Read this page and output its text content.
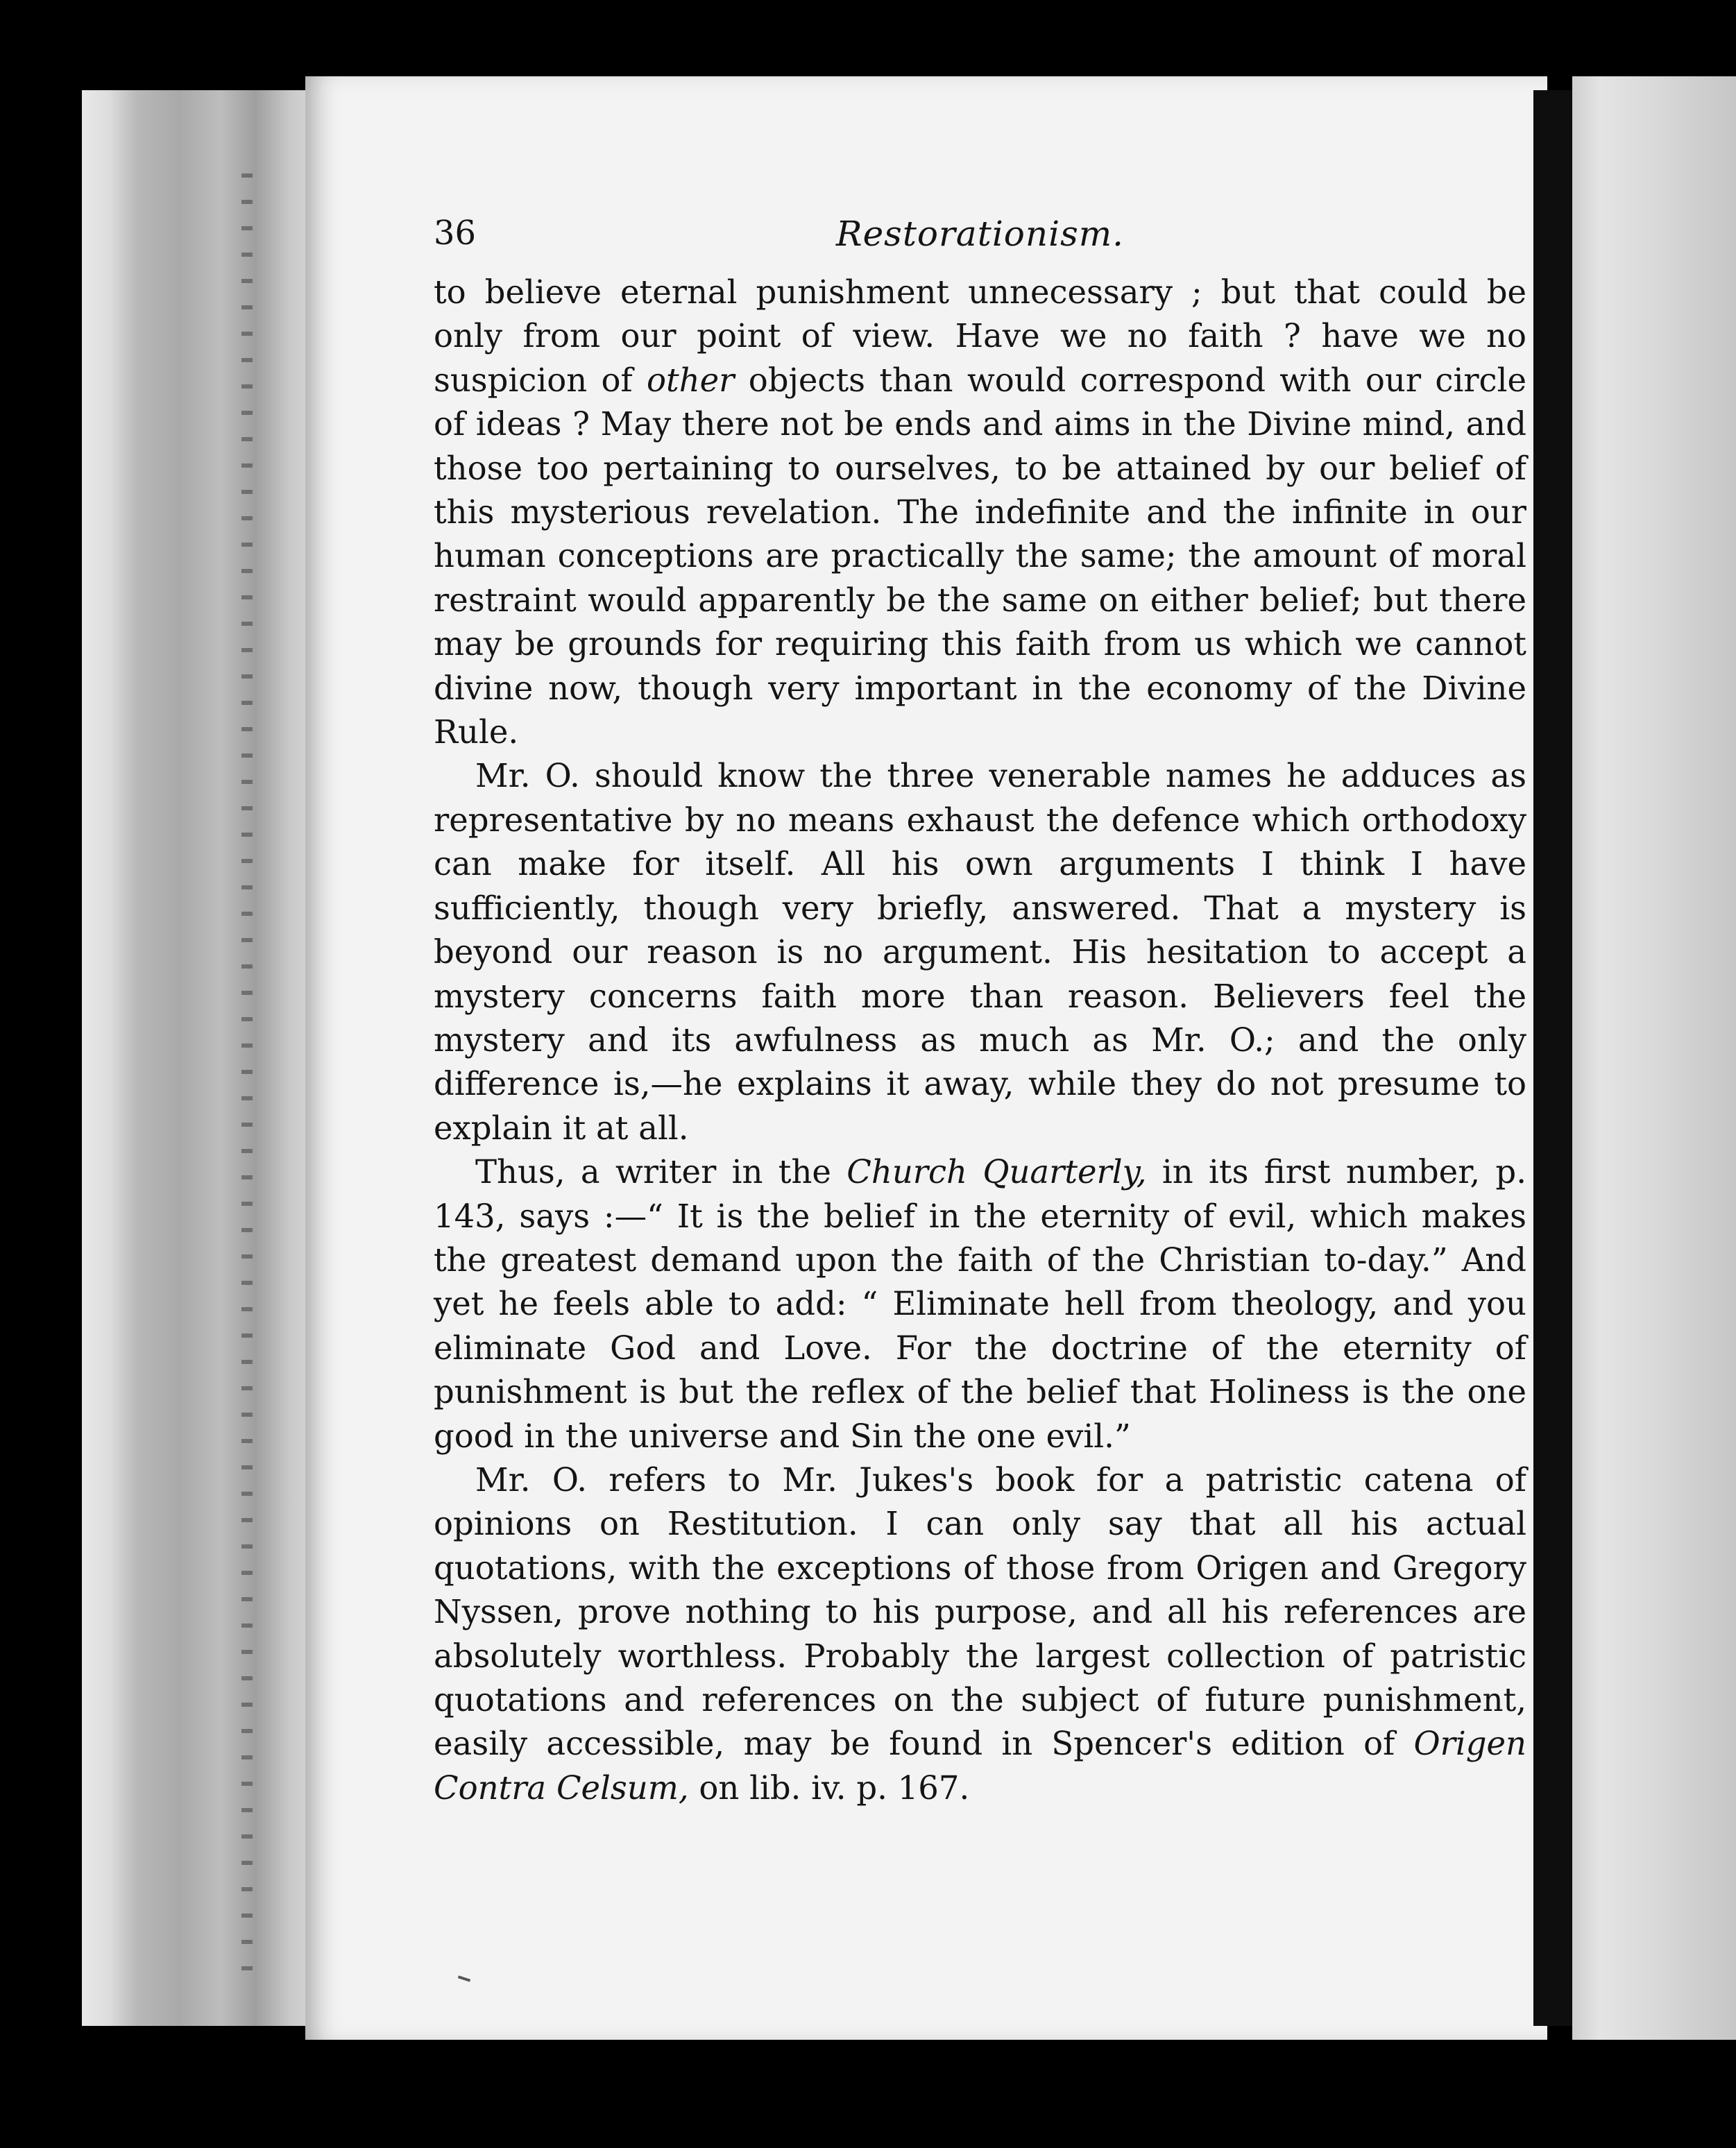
36	Restorationism.

to believe eternal punishment unnecessary ; but that could be only from our point of view. Have we no faith ? have we no suspicion of other objects than would correspond with our circle of ideas ? May there not be ends and aims in the Divine mind, and those too pertaining to ourselves, to be attained by our belief of this mysterious revelation. The indefinite and the infinite in our human conceptions are practically the same; the amount of moral restraint would apparently be the same on either belief; but there may be grounds for requiring this faith from us which we cannot divine now, though very important in the economy of the Divine Rule.

Mr. O. should know the three venerable names he adduces as representative by no means exhaust the defence which orthodoxy can make for itself. All his own arguments I think I have sufficiently, though very briefly, answered. That a mystery is beyond our reason is no argument. His hesitation to accept a mystery concerns faith more than reason. Believers feel the mystery and its awfulness as much as Mr. O.; and the only difference is,—he explains it away, while they do not presume to explain it at all.

Thus, a writer in the Church Quarterly, in its first number, p. 143, says :—“ It is the belief in the eternity of evil, which makes the greatest demand upon the faith of the Christian to-day.” And yet he feels able to add: “ Eliminate hell from theology, and you eliminate God and Love. For the doctrine of the eternity of punishment is but the reflex of the belief that Holiness is the one good in the universe and Sin the one evil.”

Mr. O. refers to Mr. Jukes's book for a patristic catena of opinions on Restitution. I can only say that all his actual quotations, with the exceptions of those from Origen and Gregory Nyssen, prove nothing to his purpose, and all his references are absolutely worthless. Probably the largest collection of patristic quotations and references on the subject of future punishment, easily accessible, may be found in Spencer's edition of Origen Contra Celsum, on lib. iv. p. 167.
